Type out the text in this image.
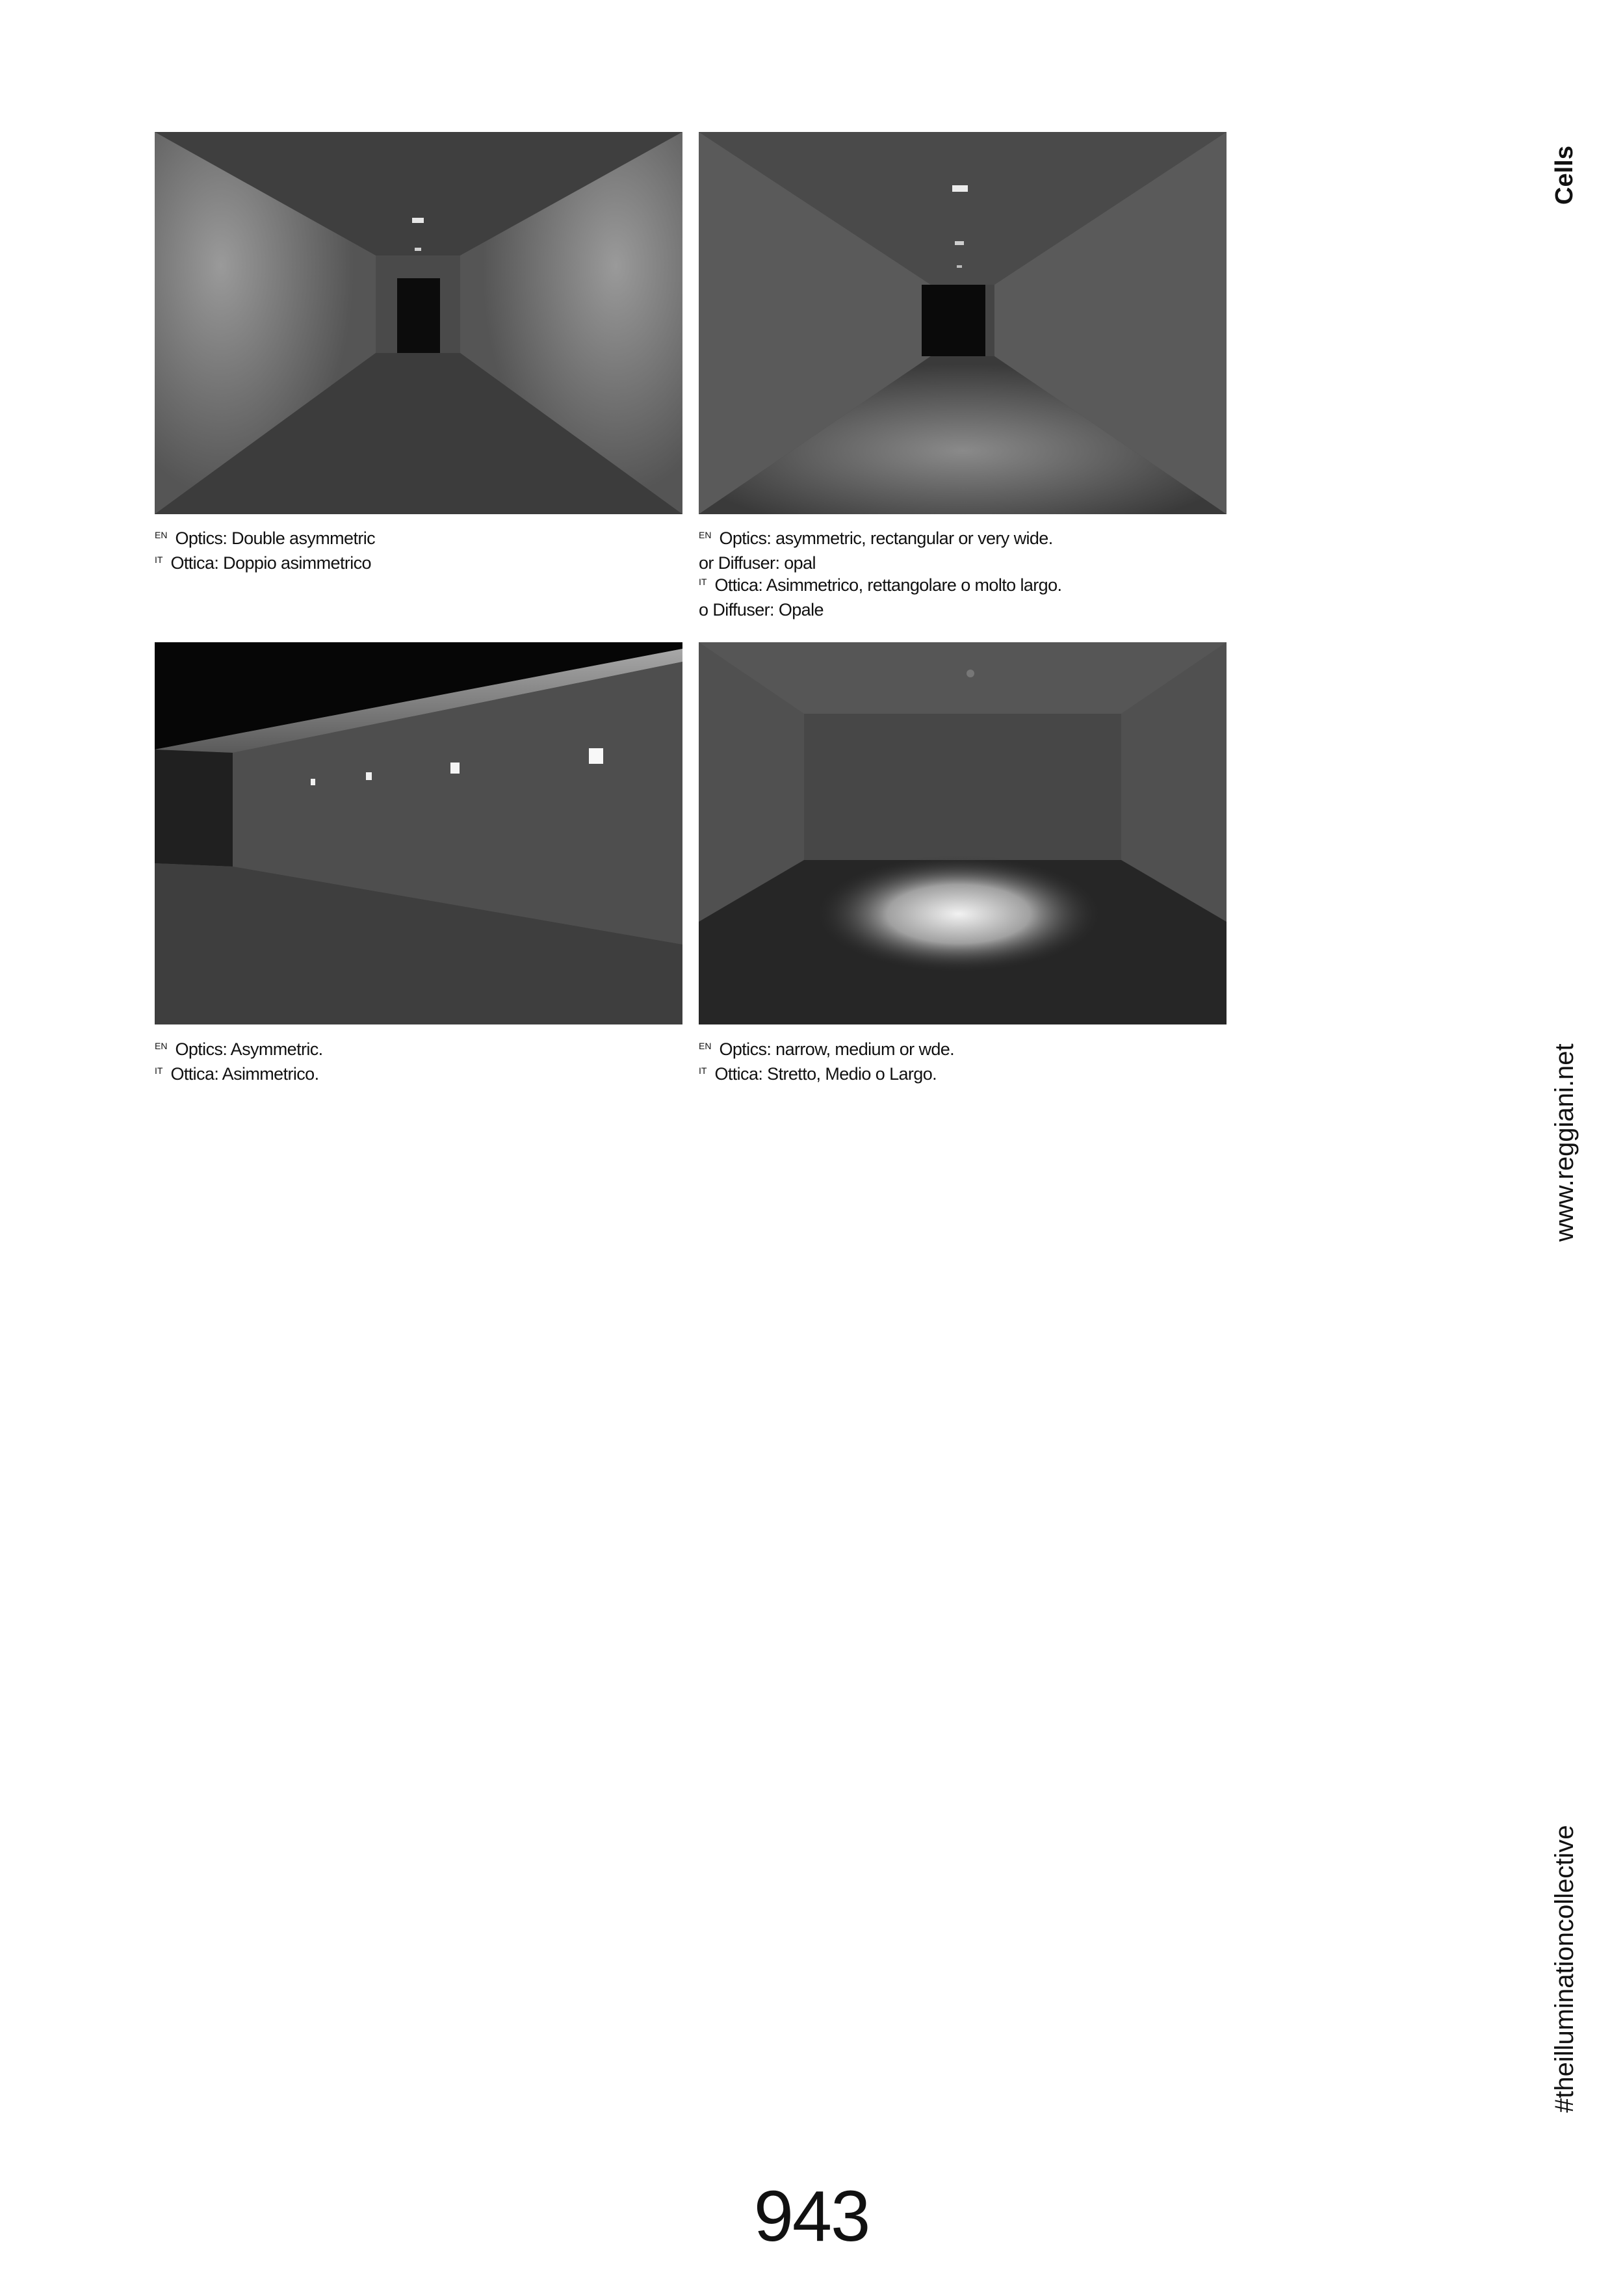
$^{EN}$ Optics: Double asymmetric
$^{IT}$ Ottica: Doppio asimmetrico
$^{EN}$ Optics: asymmetric, rectangular or very wide.
or Diffuser: opal
$^{IT}$ Ottica: Asimmetrico, rettangolare o molto largo.
o Diffuser: Opale
$^{EN}$ Optics: Asymmetric.
$^{IT}$ Ottica: Asimmetrico.
$^{EN}$ Optics: narrow, medium or wde.
$^{IT}$ Ottica: Stretto, Medio o Largo.
Cells
www.reggiani.net
#theilluminationcollective
943
